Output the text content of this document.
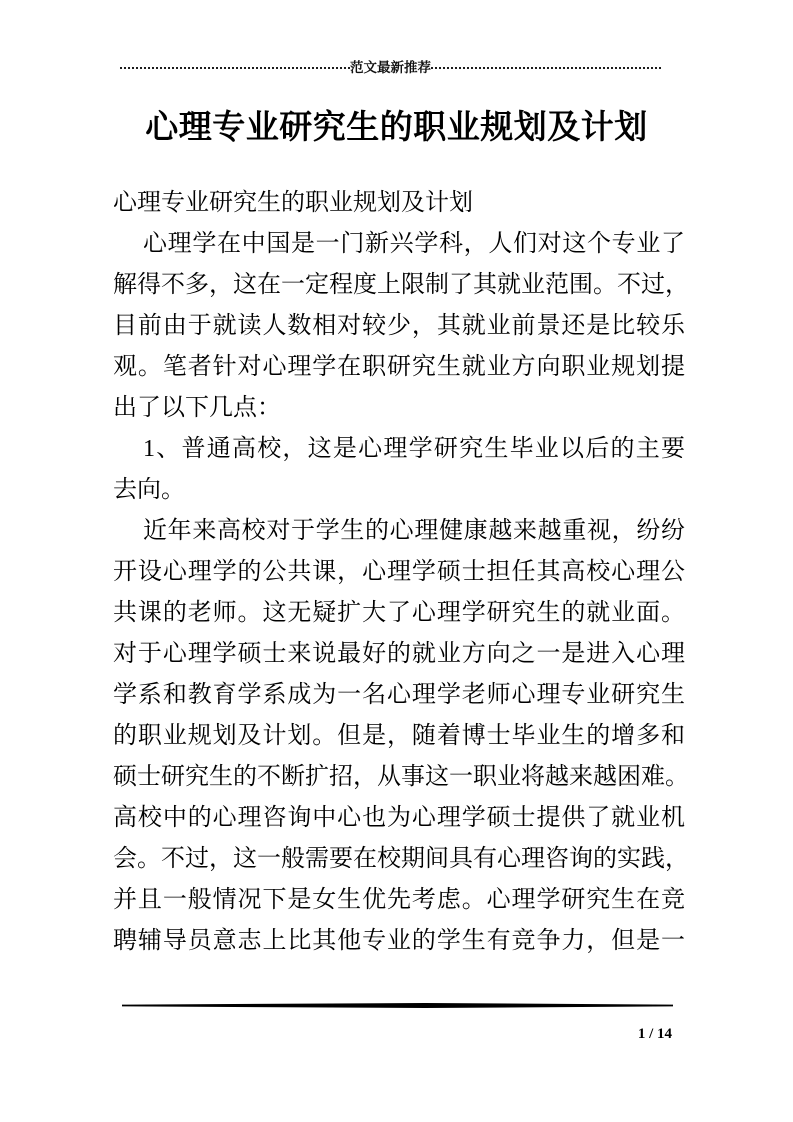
范文最新推荐
心理专业研究生的职业规划及计划
心理专业研究生的职业规划及计划
心理学在中国是一门新兴学科，人们对这个专业了
解得不多，这在一定程度上限制了其就业范围。不过，
目前由于就读人数相对较少，其就业前景还是比较乐
观。笔者针对心理学在职研究生就业方向职业规划提
出了以下几点：
1、普通高校，这是心理学研究生毕业以后的主要
去向。
近年来高校对于学生的心理健康越来越重视，纷纷
开设心理学的公共课，心理学硕士担任其高校心理公
共课的老师。这无疑扩大了心理学研究生的就业面。
对于心理学硕士来说最好的就业方向之一是进入心理
学系和教育学系成为一名心理学老师心理专业研究生
的职业规划及计划。但是，随着博士毕业生的增多和
硕士研究生的不断扩招，从事这一职业将越来越困难。
高校中的心理咨询中心也为心理学硕士提供了就业机
会。不过，这一般需要在校期间具有心理咨询的实践，
并且一般情况下是女生优先考虑。心理学研究生在竞
聘辅导员意志上比其他专业的学生有竞争力，但是一
1 / 14
